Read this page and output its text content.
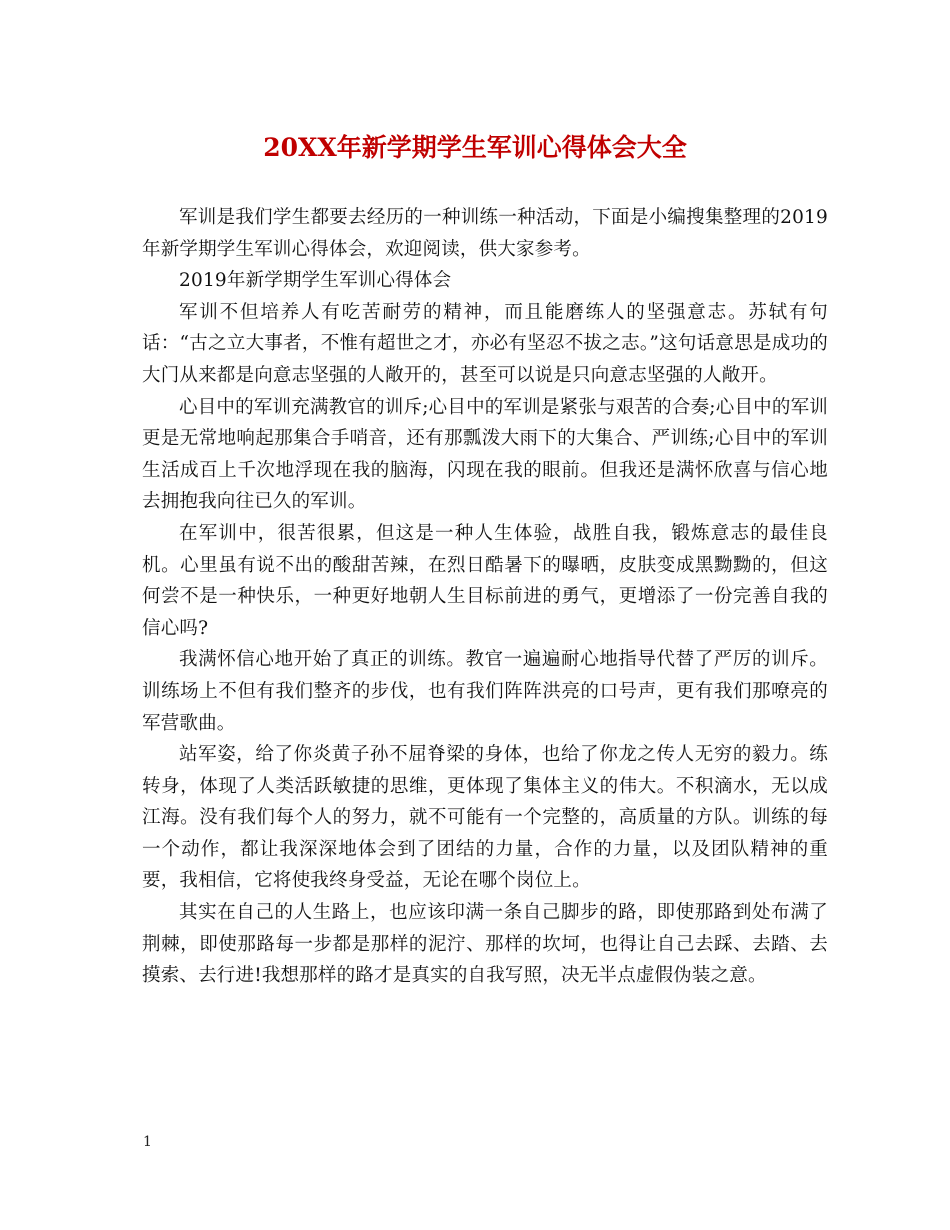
20XX年新学期学生军训心得体会大全

军训是我们学生都要去经历的一种训练一种活动，下面是小编搜集整理的2019年新学期学生军训心得体会，欢迎阅读，供大家参考。

2019年新学期学生军训心得体会

军训不但培养人有吃苦耐劳的精神，而且能磨练人的坚强意志。苏轼有句话：“古之立大事者，不惟有超世之才，亦必有坚忍不拔之志。”这句话意思是成功的大门从来都是向意志坚强的人敞开的，甚至可以说是只向意志坚强的人敞开。

心目中的军训充满教官的训斥;心目中的军训是紧张与艰苦的合奏;心目中的军训更是无常地响起那集合手哨音，还有那瓢泼大雨下的大集合、严训练;心目中的军训生活成百上千次地浮现在我的脑海，闪现在我的眼前。但我还是满怀欣喜与信心地去拥抱我向往已久的军训。

在军训中，很苦很累，但这是一种人生体验，战胜自我，锻炼意志的最佳良机。心里虽有说不出的酸甜苦辣，在烈日酷暑下的曝晒，皮肤变成黑黝黝的，但这何尝不是一种快乐，一种更好地朝人生目标前进的勇气，更增添了一份完善自我的信心吗?

我满怀信心地开始了真正的训练。教官一遍遍耐心地指导代替了严厉的训斥。训练场上不但有我们整齐的步伐，也有我们阵阵洪亮的口号声，更有我们那嘹亮的军营歌曲。

站军姿，给了你炎黄子孙不屈脊梁的身体，也给了你龙之传人无穷的毅力。练转身，体现了人类活跃敏捷的思维，更体现了集体主义的伟大。不积滴水，无以成江海。没有我们每个人的努力，就不可能有一个完整的，高质量的方队。训练的每一个动作，都让我深深地体会到了团结的力量，合作的力量，以及团队精神的重要，我相信，它将使我终身受益，无论在哪个岗位上。

其实在自己的人生路上，也应该印满一条自己脚步的路，即使那路到处布满了荆棘，即使那路每一步都是那样的泥泞、那样的坎坷，也得让自己去踩、去踏、去摸索、去行进!我想那样的路才是真实的自我写照，决无半点虚假伪装之意。

1
